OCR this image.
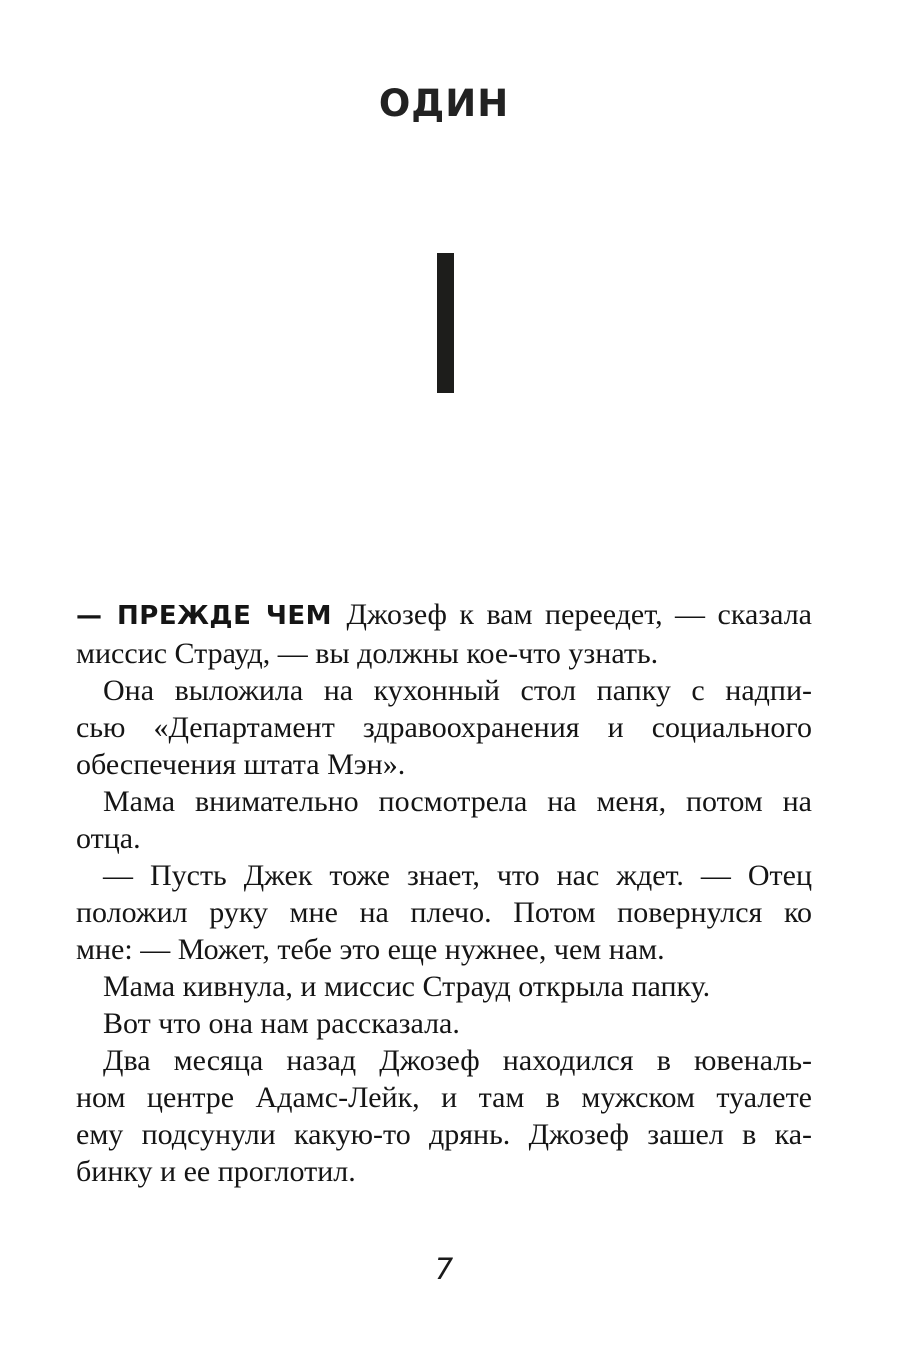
ОДИН
— ПРЕЖДЕ ЧЕМ Джозеф к вам переедет, — сказала
миссис Страуд, — вы должны кое-что узнать.
Она выложила на кухонный стол папку с надпи-
сью «Департамент здравоохранения и социального
обеспечения штата Мэн».
Мама внимательно посмотрела на меня, потом на
отца.
— Пусть Джек тоже знает, что нас ждет. — Отец
положил руку мне на плечо. Потом повернулся ко
мне: — Может, тебе это еще нужнее, чем нам.
Мама кивнула, и миссис Страуд открыла папку.
Вот что она нам рассказала.
Два месяца назад Джозеф находился в ювеналь-
ном центре Адамс-Лейк, и там в мужском туалете
ему подсунули какую-то дрянь. Джозеф зашел в ка-
бинку и ее проглотил.
7
